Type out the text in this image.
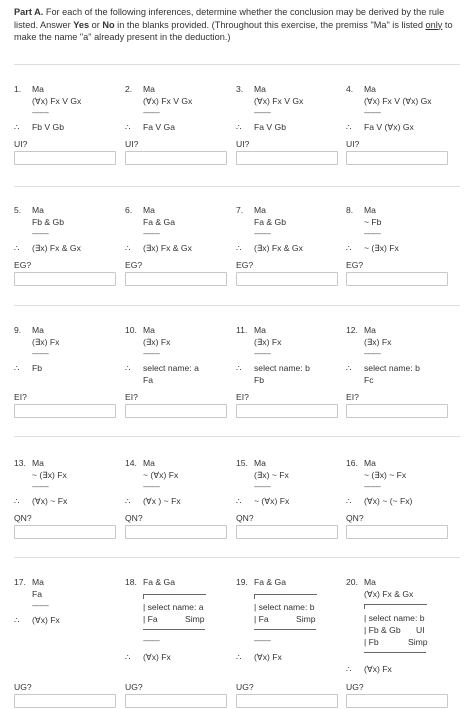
Part A. For each of the following inferences, determine whether the conclusion may be derived by the rule listed. Answer Yes or No in the blanks provided. (Throughout this exercise, the premiss "Ma" is listed only to make the name "a" already present in the deduction.)
1. Ma
(∀x) Fx V Gx
---------
∴ Fb V Gb
UI?
2. Ma
(∀x) Fx V Gx
---------
∴ Fa V Ga
UI?
3. Ma
(∀x) Fx V Gx
---------
∴ Fa V Gb
UI?
4. Ma
(∀x) Fx V (∀x) Gx
---------
∴ Fa V (∀x) Gx
UI?
5. Ma
Fb & Gb
---------
∴ (∃x) Fx & Gx
EG?
6. Ma
Fa & Ga
---------
∴ (∃x) Fx & Gx
EG?
7. Ma
Fa & Gb
---------
∴ (∃x) Fx & Gx
EG?
8. Ma
~ Fb
---------
∴ ~ (∃x) Fx
EG?
9. Ma
(∃x) Fx
---------
∴ Fb
EI?
10. Ma
(∃x) Fx
---------
∴ select name: a
Fa
EI?
11. Ma
(∃x) Fx
---------
∴ select name: b
Fb
EI?
12. Ma
(∃x) Fx
---------
∴ select name: b
Fc
EI?
13. Ma
~ (∃x) Fx
---------
∴ (∀x) ~ Fx
QN?
14. Ma
~ (∀x) Fx
---------
∴ (∀x ) ~ Fx
QN?
15. Ma
(∃x) ~ Fx
---------
∴ ~ (∀x) Fx
QN?
16. Ma
~ (∃x) ~ Fx
---------
∴ (∀x) ~ (~ Fx)
QN?
17. Ma
Fa
---------
∴ (∀x) Fx
UG?
18. Fa & Ga
| select name: a
| Fa	Simp
---------
∴ (∀x) Fx
UG?
19. Fa & Ga
| select name: b
| Fa	Simp
---------
∴ (∀x) Fx
UG?
20. Ma
(∀x) Fx & Gx
| select name: b
| Fb & Gb UI
| Fb	Simp
∴ (∀x) Fx
UG?
